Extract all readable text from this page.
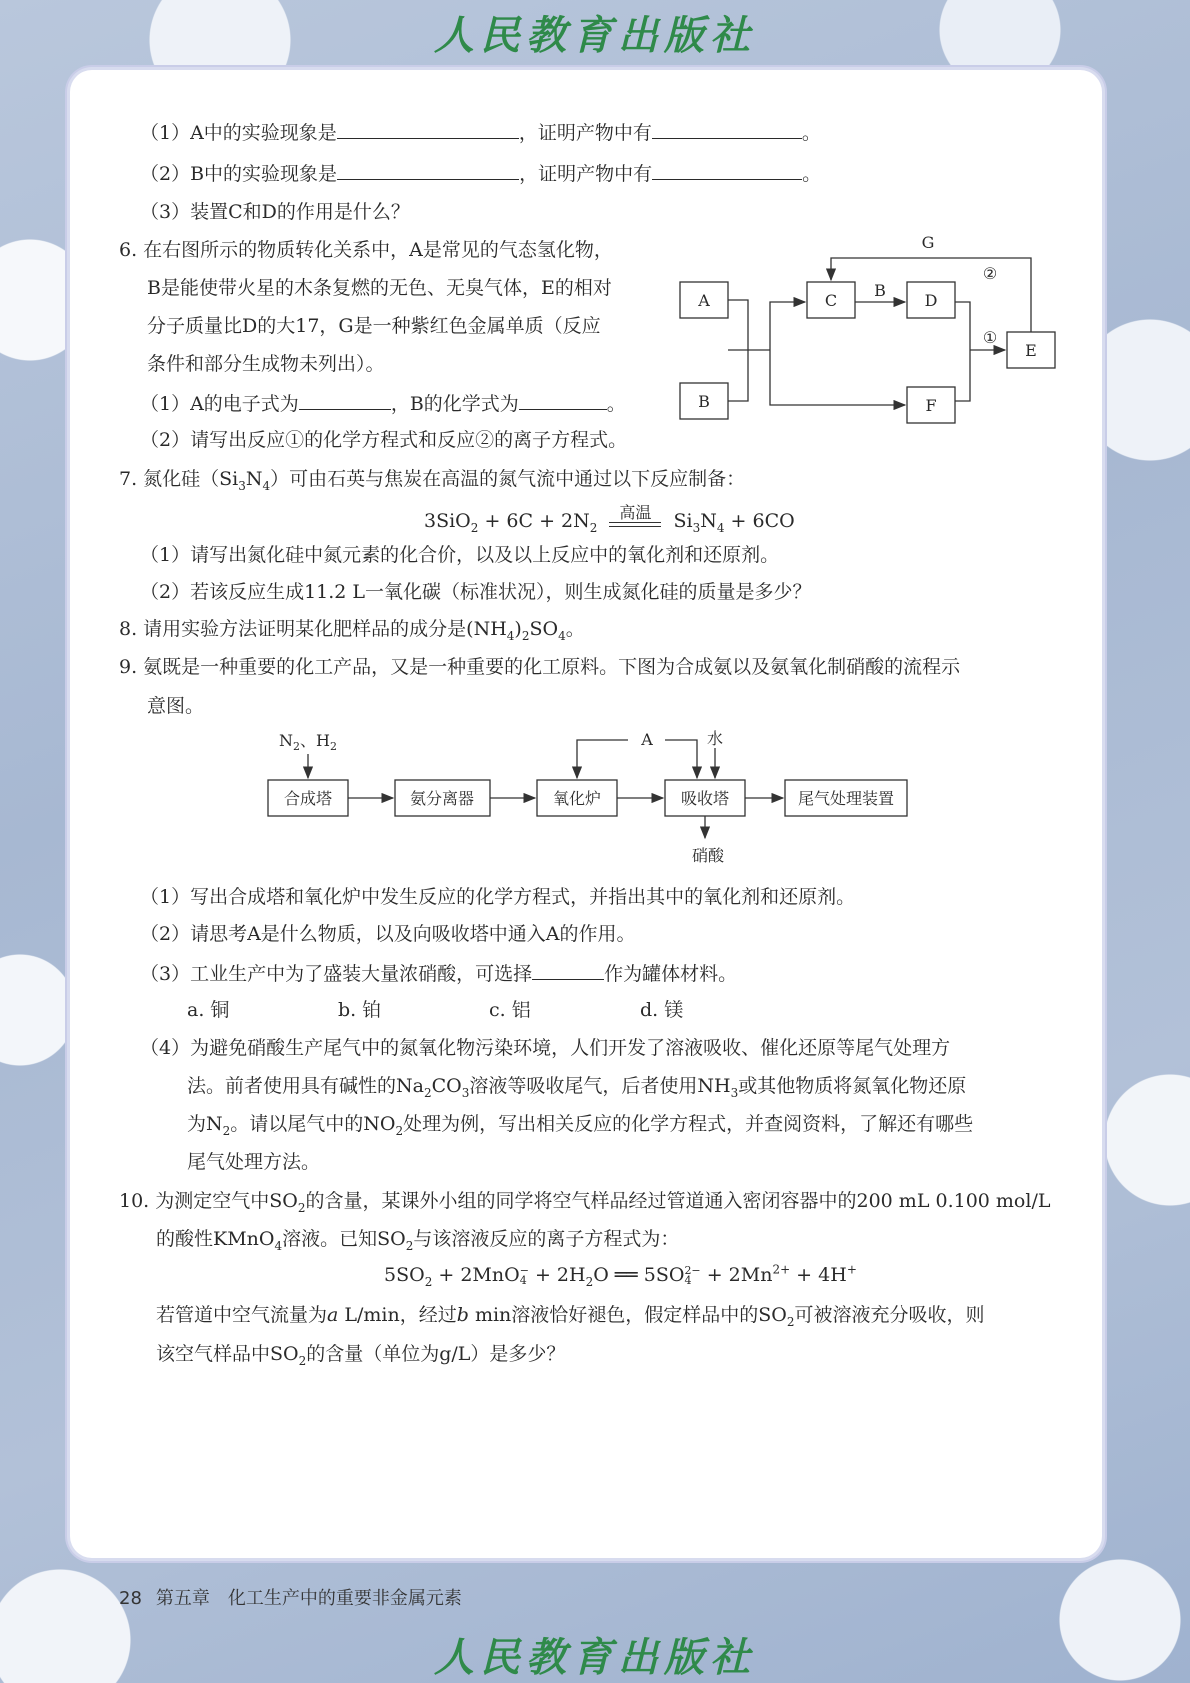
人民教育出版社
（1）A中的实验现象是	，证明产物中有	。
（2）B中的实验现象是	，证明产物中有	。
（3）装置C和D的作用是什么？
6. 在右图所示的物质转化关系中，A是常见的气态氢化物，
B是能使带火星的木条复燃的无色、无臭气体，E的相对
分子质量比D的大17，G是一种紫红色金属单质（反应
条件和部分生成物未列出）。
（1）A的电子式为	，B的化学式为	。
（2）请写出反应①的化学方程式和反应②的离子方程式。
A
B
C	D
E
F
G
B
①
②
7. 氮化硅$(Si_3N_4)$可由石英与焦炭在高温的氮气流中通过以下反应制备：
$3SiO_2 + 6C + 2N_2$
高温	$Si_3N_4 + 6CO$
（1）请写出氮化硅中氮元素的化合价，以及以上反应中的氧化剂和还原剂。
（2）若该反应生成11.2 L一氧化碳（标准状况），则生成氮化硅的质量是多少？
8. 请用实验方法证明某化肥样品的成分是$(NH_4)_2SO_4$。
9. 氨既是一种重要的化工产品，又是一种重要的化工原料。下图为合成氨以及氨氧化制硝酸的流程示
意图。
$N_2$、$H_2$
合成塔	氨分离器	氧化炉	吸收塔	尾气处理装置
A	水
硝酸
（1）写出合成塔和氧化炉中发生反应的化学方程式，并指出其中的氧化剂和还原剂。
（2）请思考A是什么物质，以及向吸收塔中通入A的作用。
（3）工业生产中为了盛装大量浓硝酸，可选择	作为罐体材料。
a. 铜	b. 铂	c. 铝	d. 镁
（4）为避免硝酸生产尾气中的氮氧化物污染环境，人们开发了溶液吸收、催化还原等尾气处理方
法。前者使用具有碱性的$Na_2CO_3$溶液等吸收尾气，后者使用$NH_3$或其他物质将氮氧化物还原
为$N_2$。请以尾气中的$NO_2$处理为例，写出相关反应的化学方程式，并查阅资料，了解还有哪些
尾气处理方法。
10. 为测定空气中$SO_2$的含量，某课外小组的同学将空气样品经过管道通入密闭容器中的200 mL 0.100 mol/L
的酸性KMnO$_4$溶液。已知$SO_2$与该溶液反应的离子方程式为：
$5SO_2 + 2MnO$ −
$4 + 2H_2O$ ══ 5SO 2−
$4 + 2Mn^{2+} + 4H^+$
若管道中空气流量为a L/min，经过b min溶液恰好褪色，假定样品中的$SO_2$可被溶液充分吸收，则
该空气样品中$SO_2$的含量（单位为g/L）是多少？
28 第五章 化工生产中的重要非金属元素
人民教育出版社
